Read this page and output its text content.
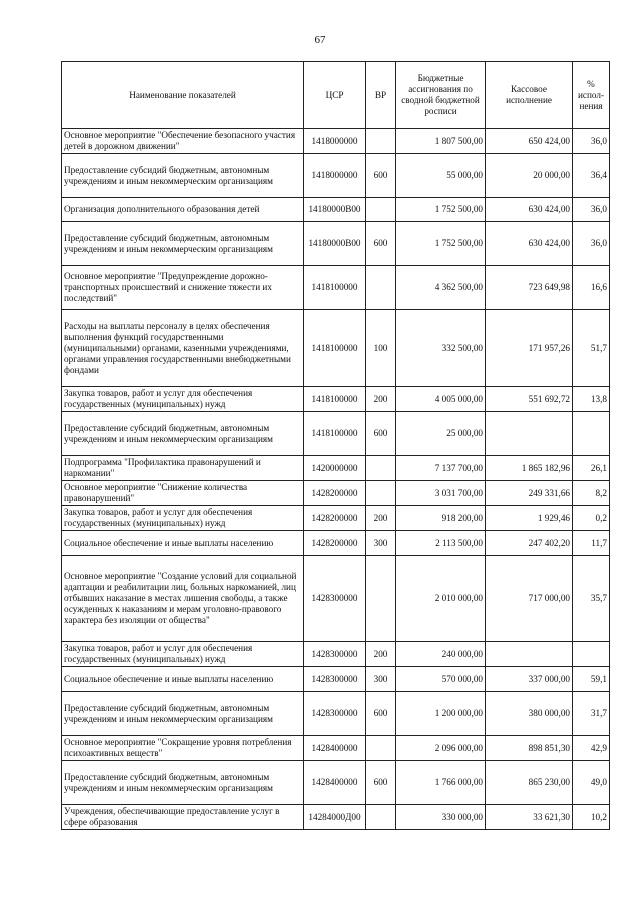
67
Наименование показателей	ЦСР	ВР	Бюджетные ассигнования по сводной бюджетной росписи	Кассовое исполнение	% испол-нения
Основное мероприятие "Обеспечение безопасного участия детей в дорожном движении"	1418000000		1 807 500,00	650 424,00	36,0
Предоставление субсидий бюджетным, автономным учреждениям и иным некоммерческим организациям	1418000000	600	55 000,00	20 000,00	36,4
Организация дополнительного образования детей	14180000В00		1 752 500,00	630 424,00	36,0
Предоставление субсидий бюджетным, автономным учреждениям и иным некоммерческим организациям	14180000В00	600	1 752 500,00	630 424,00	36,0
Основное мероприятие "Предупреждение дорожно-транспортных происшествий и снижение тяжести их последствий"	1418100000		4 362 500,00	723 649,98	16,6
Расходы на выплаты персоналу в целях обеспечения выполнения функций государственными (муниципальными) органами, казенными учреждениями, органами управления государственными внебюджетными фондами	1418100000	100	332 500,00	171 957,26	51,7
Закупка товаров, работ и услуг для обеспечения государственных (муниципальных) нужд	1418100000	200	4 005 000,00	551 692,72	13,8
Предоставление субсидий бюджетным, автономным учреждениям и иным некоммерческим организациям	1418100000	600	25 000,00		
Подпрограмма "Профилактика правонарушений и наркомании"	1420000000		7 137 700,00	1 865 182,96	26,1
Основное мероприятие "Снижение количества правонарушений"	1428200000		3 031 700,00	249 331,66	8,2
Закупка товаров, работ и услуг для обеспечения государственных (муниципальных) нужд	1428200000	200	918 200,00	1 929,46	0,2
Социальное обеспечение и иные выплаты населению	1428200000	300	2 113 500,00	247 402,20	11,7
Основное мероприятие "Создание условий для социальной адаптации и реабилитации лиц, больных наркоманией, лиц отбывших наказание в местах лишения свободы, а также осужденных к наказаниям и мерам уголовно-правового характера без изоляции от общества"	1428300000		2 010 000,00	717 000,00	35,7
Закупка товаров, работ и услуг для обеспечения государственных (муниципальных) нужд	1428300000	200	240 000,00		
Социальное обеспечение и иные выплаты населению	1428300000	300	570 000,00	337 000,00	59,1
Предоставление субсидий бюджетным, автономным учреждениям и иным некоммерческим организациям	1428300000	600	1 200 000,00	380 000,00	31,7
Основное мероприятие "Сокращение уровня потребления психоактивных веществ"	1428400000		2 096 000,00	898 851,30	42,9
Предоставление субсидий бюджетным, автономным учреждениям и иным некоммерческим организациям	1428400000	600	1 766 000,00	865 230,00	49,0
Учреждения, обеспечивающие предоставление услуг в сфере образования	14284000Д00		330 000,00	33 621,30	10,2
